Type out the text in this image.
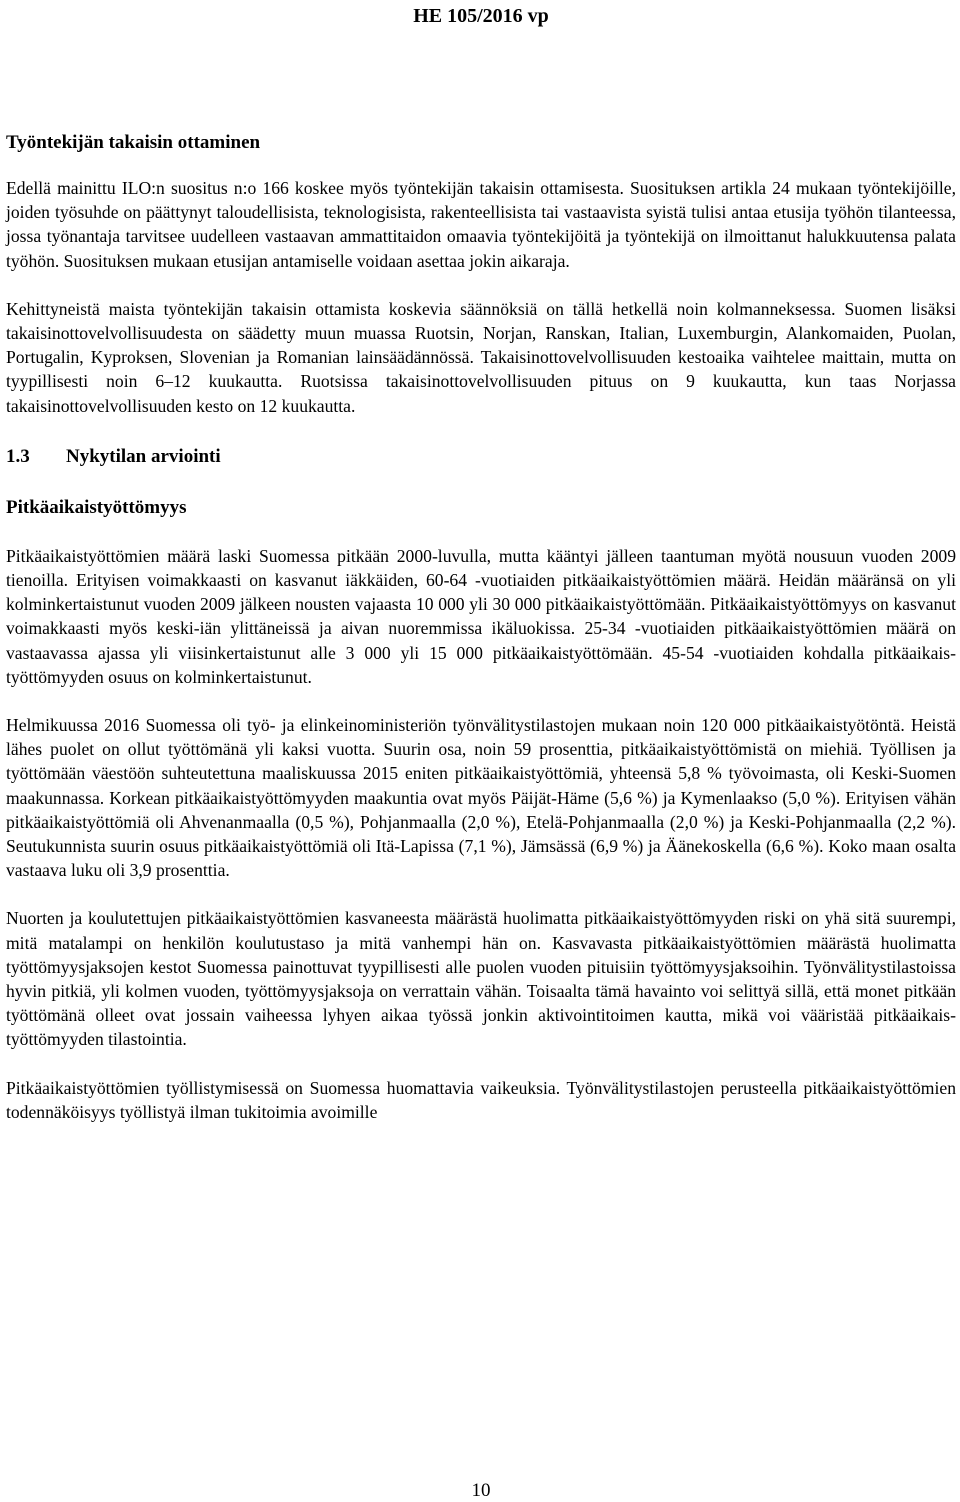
HE 105/2016 vp
Työntekijän takaisin ottaminen

Edellä mainittu ILO:n suositus n:o 166 koskee myös työntekijän takaisin ottamisesta. Suosituksen artikla 24 mukaan työntekijöille, joiden työsuhde on päättynyt taloudellisista, teknologisista, rakenteellisista tai vastaavista syistä tulisi antaa etusija työhön tilanteessa, jossa työnantaja tarvitsee uudelleen vastaavan ammattitaidon omaavia työntekijöitä ja työntekijä on ilmoittanut halukkuutensa palata työhön. Suosituksen mukaan etusijan antamiselle voidaan asettaa jokin aikaraja.

Kehittyneistä maista työntekijän takaisin ottamista koskevia säännöksiä on tällä hetkellä noin kolmanneksessa. Suomen lisäksi takaisinottovelvollisuudesta on säädetty muun muassa Ruotsin, Norjan, Ranskan, Italian, Luxemburgin, Alankomaiden, Puolan, Portugalin, Kyproksen, Slovenian ja Romanian lainsäädännössä. Takaisinottovelvollisuuden kestoaika vaihtelee maittain, mutta on tyypillisesti noin 6–12 kuukautta. Ruotsissa takaisinottovelvollisuuden pituus on 9 kuukautta, kun taas Norjassa takaisinottovelvollisuuden kesto on 12 kuukautta.

1.3 Nykytilan arviointi
Pitkäaikaistyöttömyys

Pitkäaikaistyöttömien määrä laski Suomessa pitkään 2000-luvulla, mutta kääntyi jälleen taantuman myötä nousuun vuoden 2009 tienoilla. Erityisen voimakkaasti on kasvanut iäkkäiden, 60-64 -vuotiaiden pitkäaikaistyöttömien määrä. Heidän määränsä on yli kolminkertaistunut vuoden 2009 jälkeen nousten vajaasta 10 000 yli 30 000 pitkäaikaistyöttömään. Pitkäaikaistyöttömyys on kasvanut voimakkaasti myös keski-iän ylittäneissä ja aivan nuoremmissa ikäluokissa. 25-34 -vuotiaiden pitkäaikaistyöttömien määrä on vastaavassa ajassa yli viisinkertaistunut alle 3 000 yli 15 000 pitkäaikaistyöttömään. 45-54 -vuotiaiden kohdalla pitkäaikaistyöttömyyden osuus on kolminkertaistunut.

Helmikuussa 2016 Suomessa oli työ- ja elinkeinoministeriön työnvälitystilastojen mukaan noin 120 000 pitkäaikaistyötöntä. Heistä lähes puolet on ollut työttömänä yli kaksi vuotta. Suurin osa, noin 59 prosenttia, pitkäaikaistyöttömistä on miehiä. Työllisen ja työttömään väestöön suhteutettuna maaliskuussa 2015 eniten pitkäaikaistyöttömiä, yhteensä 5,8 % työvoimasta, oli Keski-Suomen maakunnassa. Korkean pitkäaikaistyöttömyyden maakuntia ovat myös Päijät-Häme (5,6 %) ja Kymenlaakso (5,0 %). Erityisen vähän pitkäaikaistyöttömiä oli Ahvenanmaalla (0,5 %), Pohjanmaalla (2,0 %), Etelä-Pohjanmaalla (2,0 %) ja Keski-Pohjanmaalla (2,2 %). Seutukunnista suurin osuus pitkäaikaistyöttömiä oli Itä-Lapissa (7,1 %), Jämsässä (6,9 %) ja Äänekoskella (6,6 %). Koko maan osalta vastaava luku oli 3,9 prosenttia.

Nuorten ja koulutettujen pitkäaikaistyöttömien kasvaneesta määrästä huolimatta pitkäaikaistyöttömyyden riski on yhä sitä suurempi, mitä matalampi on henkilön koulutustaso ja mitä vanhempi hän on. Kasvavasta pitkäaikaistyöttömien määrästä huolimatta työttömyysjaksojen kestot Suomessa painottuvat tyypillisesti alle puolen vuoden pituisiin työttömyysjaksoihin. Työnvälitystilastoissa hyvin pitkiä, yli kolmen vuoden, työttömyysjaksoja on verrattain vähän. Toisaalta tämä havainto voi selittyä sillä, että monet pitkään työttömänä olleet ovat jossain vaiheessa lyhyen aikaa työssä jonkin aktivointitoimen kautta, mikä voi vääristää pitkäaikaistyöttömyyden tilastointia.

Pitkäaikaistyöttömien työllistymisessä on Suomessa huomattavia vaikeuksia. Työnvälitystilastojen perusteella pitkäaikaistyöttömien todennäköisyys työllistyä ilman tukitoimia avoimille

10
